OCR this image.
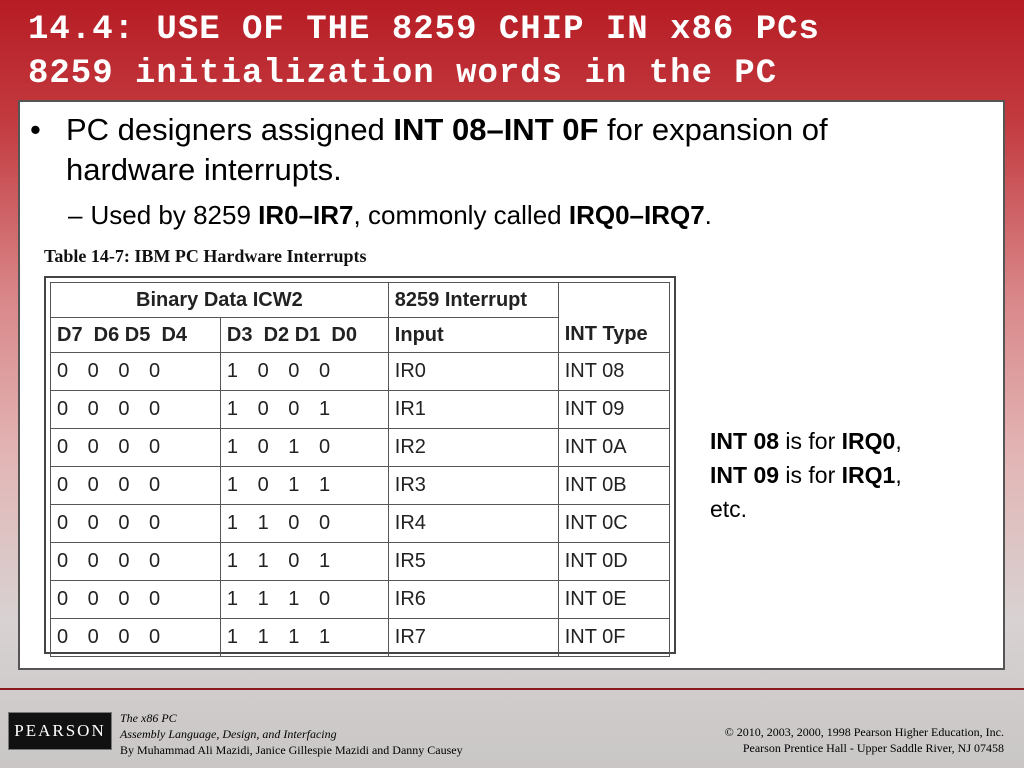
14.4: USE OF THE 8259 CHIP IN x86 PCs
8259 initialization words in the PC
• PC designers assigned INT 08–INT 0F for expansion of hardware interrupts.
– Used by 8259 IR0–IR7, commonly called IRQ0–IRQ7.
Table 14-7: IBM PC Hardware Interrupts
Binary Data ICW2		8259 Interrupt	
D7  D6 D5  D4	D3  D2 D1  D0	Input	INT Type
0 0 0 0	1 0 0 0	IR0	INT 08
0 0 0 0	1 0 0 1	IR1	INT 09
0 0 0 0	1 0 1 0	IR2	INT 0A
0 0 0 0	1 0 1 1	IR3	INT 0B
0 0 0 0	1 1 0 0	IR4	INT 0C
0 0 0 0	1 1 0 1	IR5	INT 0D
0 0 0 0	1 1 1 0	IR6	INT 0E
0 0 0 0	1 1 1 1	IR7	INT 0F
INT 08 is for IRQ0,
INT 09 is for IRQ1,
etc.
PEARSON
The x86 PC
Assembly Language, Design, and Interfacing
By Muhammad Ali Mazidi, Janice Gillespie Mazidi and Danny Causey
© 2010, 2003, 2000, 1998 Pearson Higher Education, Inc.
Pearson Prentice Hall - Upper Saddle River, NJ 07458
